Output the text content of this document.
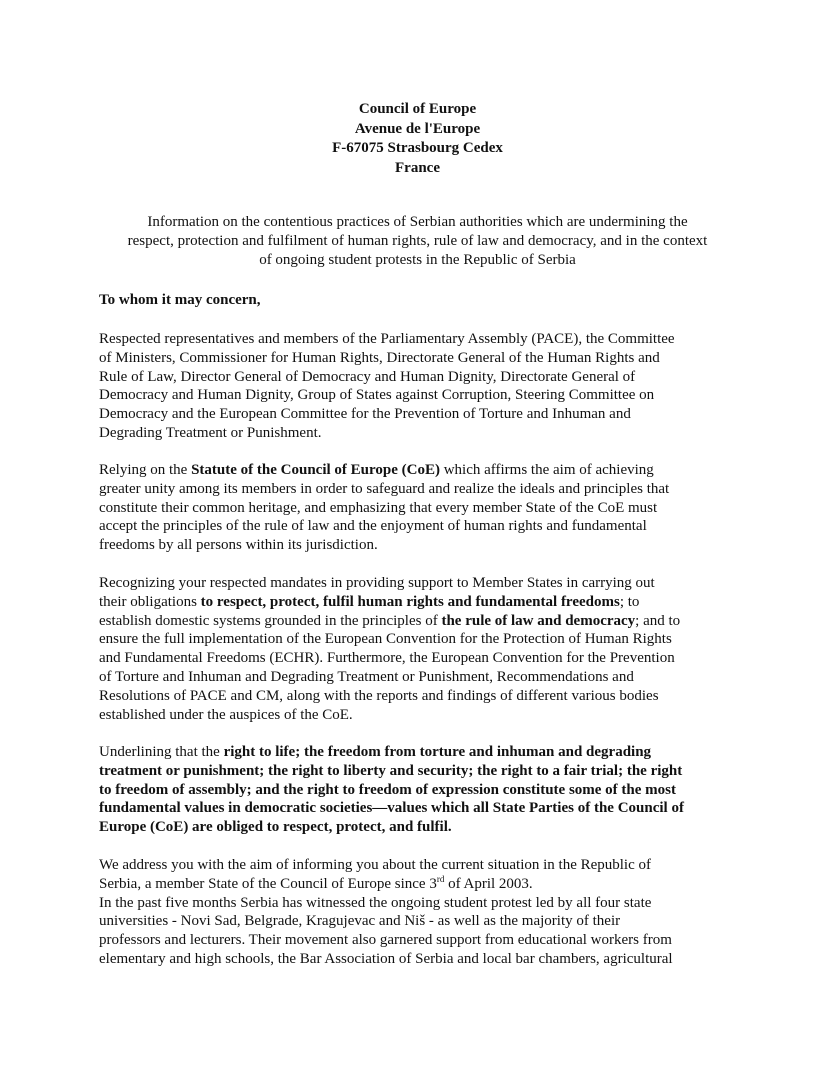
Council of Europe
Avenue de l'Europe
F-67075 Strasbourg Cedex
France
Information on the contentious practices of Serbian authorities which are undermining the
respect, protection and fulfilment of human rights, rule of law and democracy, and in the context
of ongoing student protests in the Republic of Serbia
To whom it may concern,
Respected representatives and members of the Parliamentary Assembly (PACE), the Committee
of Ministers, Commissioner for Human Rights, Directorate General of the Human Rights and
Rule of Law, Director General of Democracy and Human Dignity, Directorate General of
Democracy and Human Dignity, Group of States against Corruption, Steering Committee on
Democracy and the European Committee for the Prevention of Torture and Inhuman and
Degrading Treatment or Punishment.
Relying on the Statute of the Council of Europe (CoE) which affirms the aim of achieving
greater unity among its members in order to safeguard and realize the ideals and principles that
constitute their common heritage, and emphasizing that every member State of the CoE must
accept the principles of the rule of law and the enjoyment of human rights and fundamental
freedoms by all persons within its jurisdiction.
Recognizing your respected mandates in providing support to Member States in carrying out
their obligations to respect, protect, fulfil human rights and fundamental freedoms; to
establish domestic systems grounded in the principles of the rule of law and democracy; and to
ensure the full implementation of the European Convention for the Protection of Human Rights
and Fundamental Freedoms (ECHR). Furthermore, the European Convention for the Prevention
of Torture and Inhuman and Degrading Treatment or Punishment, Recommendations and
Resolutions of PACE and CM, along with the reports and findings of different various bodies
established under the auspices of the CoE.
Underlining that the right to life; the freedom from torture and inhuman and degrading
treatment or punishment; the right to liberty and security; the right to a fair trial; the right
to freedom of assembly; and the right to freedom of expression constitute some of the most
fundamental values in democratic societies—values which all State Parties of the Council of
Europe (CoE) are obliged to respect, protect, and fulfil.
We address you with the aim of informing you about the current situation in the Republic of
Serbia, a member State of the Council of Europe since 3rd of April 2003.
In the past five months Serbia has witnessed the ongoing student protest led by all four state
universities - Novi Sad, Belgrade, Kragujevac and Niš - as well as the majority of their
professors and lecturers. Their movement also garnered support from educational workers from
elementary and high schools, the Bar Association of Serbia and local bar chambers, agricultural
